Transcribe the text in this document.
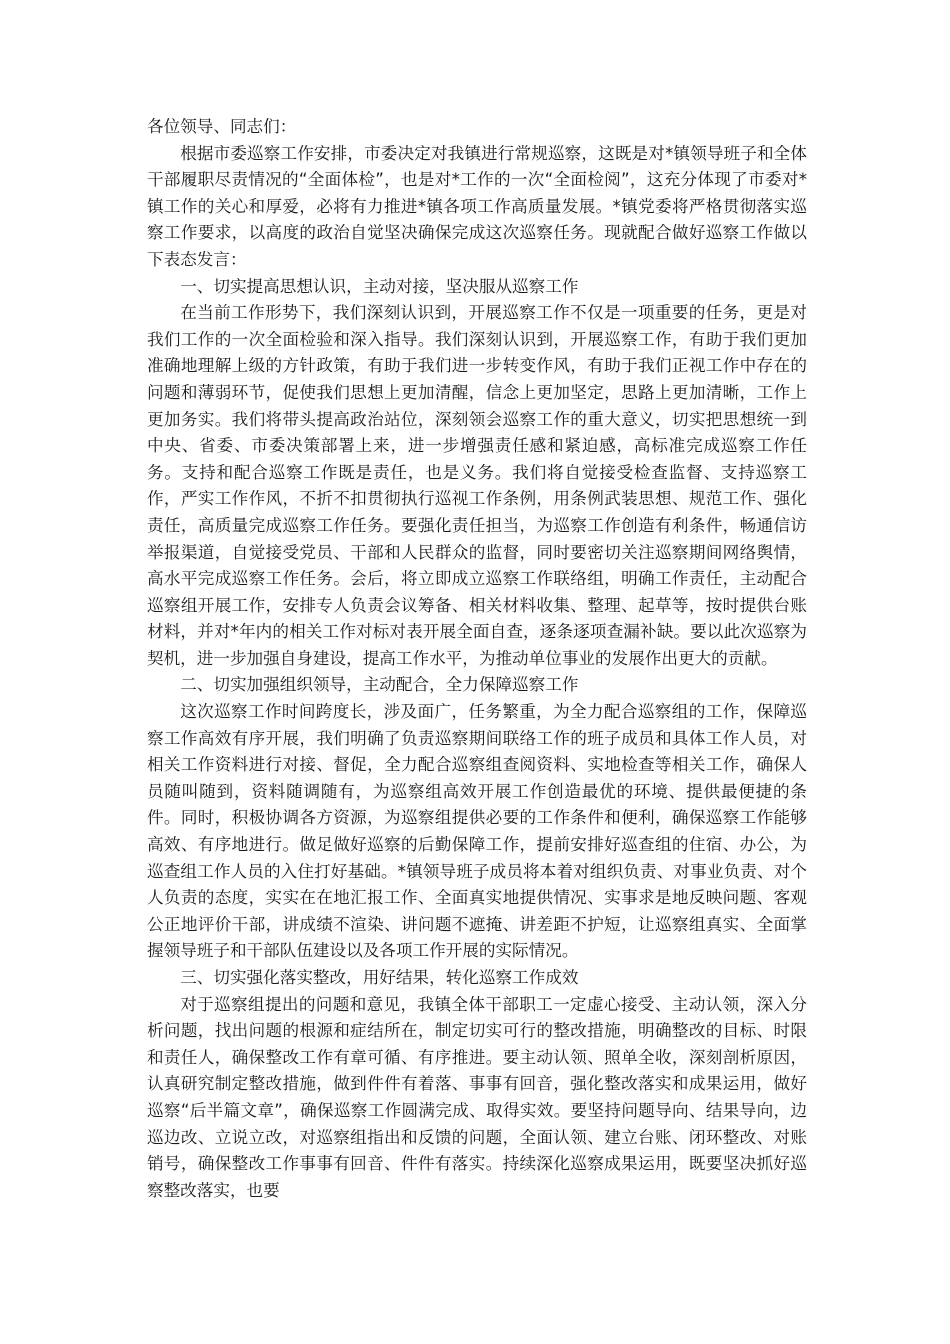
各位领导、同志们：

根据市委巡察工作安排，市委决定对我镇进行常规巡察，这既是对*镇领导班子和全体干部履职尽责情况的“全面体检”，也是对*工作的一次“全面检阅”，这充分体现了市委对*镇工作的关心和厚爱，必将有力推进*镇各项工作高质量发展。*镇党委将严格贯彻落实巡察工作要求，以高度的政治自觉坚决确保完成这次巡察任务。现就配合做好巡察工作做以下表态发言：

一、切实提高思想认识，主动对接，坚决服从巡察工作

在当前工作形势下，我们深刻认识到，开展巡察工作不仅是一项重要的任务，更是对我们工作的一次全面检验和深入指导。我们深刻认识到，开展巡察工作，有助于我们更加准确地理解上级的方针政策，有助于我们进一步转变作风，有助于我们正视工作中存在的问题和薄弱环节，促使我们思想上更加清醒，信念上更加坚定，思路上更加清晰，工作上更加务实。我们将带头提高政治站位，深刻领会巡察工作的重大意义，切实把思想统一到中央、省委、市委决策部署上来，进一步增强责任感和紧迫感，高标准完成巡察工作任务。支持和配合巡察工作既是责任，也是义务。我们将自觉接受检查监督、支持巡察工作，严实工作作风，不折不扣贯彻执行巡视工作条例，用条例武装思想、规范工作、强化责任，高质量完成巡察工作任务。要强化责任担当，为巡察工作创造有利条件，畅通信访举报渠道，自觉接受党员、干部和人民群众的监督，同时要密切关注巡察期间网络舆情，高水平完成巡察工作任务。会后，将立即成立巡察工作联络组，明确工作责任，主动配合巡察组开展工作，安排专人负责会议筹备、相关材料收集、整理、起草等，按时提供台账材料，并对*年内的相关工作对标对表开展全面自查，逐条逐项查漏补缺。要以此次巡察为契机，进一步加强自身建设，提高工作水平，为推动单位事业的发展作出更大的贡献。

二、切实加强组织领导，主动配合，全力保障巡察工作

这次巡察工作时间跨度长，涉及面广，任务繁重，为全力配合巡察组的工作，保障巡察工作高效有序开展，我们明确了负责巡察期间联络工作的班子成员和具体工作人员，对相关工作资料进行对接、督促，全力配合巡察组查阅资料、实地检查等相关工作，确保人员随叫随到，资料随调随有，为巡察组高效开展工作创造最优的环境、提供最便捷的条件。同时，积极协调各方资源，为巡察组提供必要的工作条件和便利，确保巡察工作能够高效、有序地进行。做足做好巡察的后勤保障工作，提前安排好巡查组的住宿、办公，为巡查组工作人员的入住打好基础。*镇领导班子成员将本着对组织负责、对事业负责、对个人负责的态度，实实在在地汇报工作、全面真实地提供情况、实事求是地反映问题、客观公正地评价干部，讲成绩不渲染、讲问题不遮掩、讲差距不护短，让巡察组真实、全面掌握领导班子和干部队伍建设以及各项工作开展的实际情况。

三、切实强化落实整改，用好结果，转化巡察工作成效

对于巡察组提出的问题和意见，我镇全体干部职工一定虚心接受、主动认领，深入分析问题，找出问题的根源和症结所在，制定切实可行的整改措施，明确整改的目标、时限和责任人，确保整改工作有章可循、有序推进。要主动认领、照单全收，深刻剖析原因，认真研究制定整改措施，做到件件有着落、事事有回音，强化整改落实和成果运用，做好巡察“后半篇文章”，确保巡察工作圆满完成、取得实效。要坚持问题导向、结果导向，边巡边改、立说立改，对巡察组指出和反馈的问题，全面认领、建立台账、闭环整改、对账销号，确保整改工作事事有回音、件件有落实。持续深化巡察成果运用，既要坚决抓好巡察整改落实，也要
